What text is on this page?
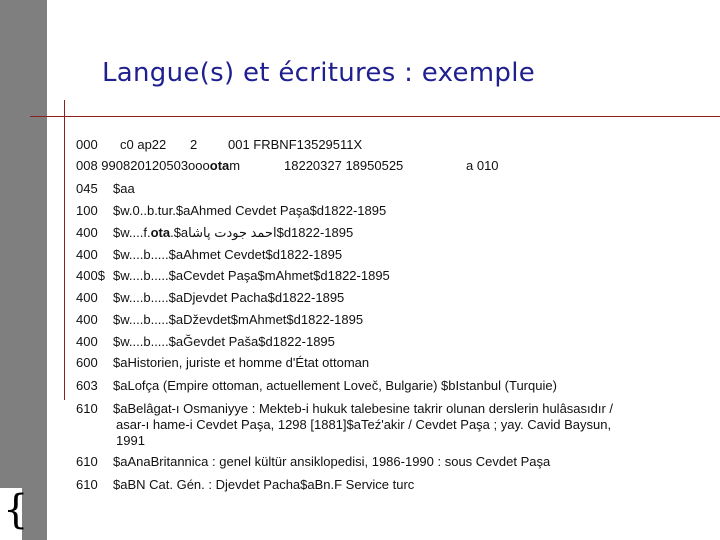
{
Langue(s) et écritures : exemple
000 c0 ap22 2 001 FRBNF13529511X
008 990820120503ooootam	18220327 18950525	a 010
045 $aa
100 $w.0..b.tur.$aAhmed Cevdet Paşa$d1822-1895
400 $w....f.ota.$aاحمد جودت پاشا$d1822-1895
400 $w....b.....$aAhmet Cevdet$d1822-1895
400$ $w....b.....$aCevdet Paşa$mAhmet$d1822-1895
400 $w....b.....$aDjevdet Pacha$d1822-1895
400 $w....b.....$aDževdet$mAhmet$d1822-1895
400 $w....b.....$aĞevdet Paša$d1822-1895
600 $aHistorien, juriste et homme d'État ottoman
603 $aLofça (Empire ottoman, actuellement Loveč, Bulgarie) $bIstanbul (Turquie)
610 $aBelâgat-ı Osmaniyye : Mekteb-i hukuk talebesine takrir olunan derslerin hulâsasıdır /
asar-ı hame-i Cevdet Paşa, 1298 [1881]$aTeź'akir / Cevdet Paşa ; yay. Cavid Baysun,
1991
610 $aAnaBritannica : genel kültür ansiklopedisi, 1986-1990 : sous Cevdet Paşa
610 $aBN Cat. Gén. : Djevdet Pacha$aBn.F Service turc
